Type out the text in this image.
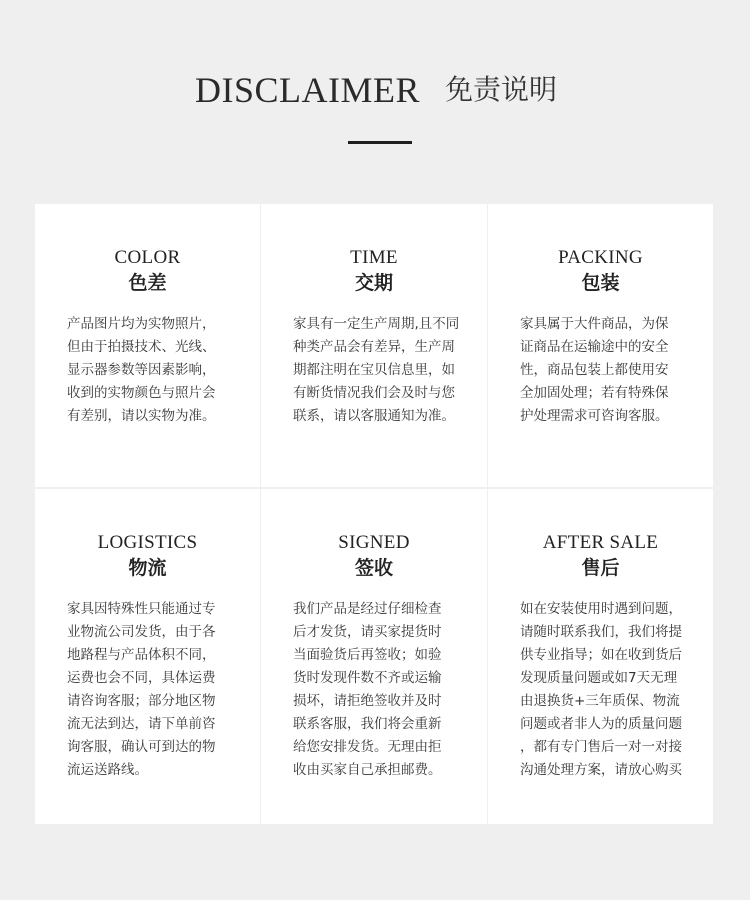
DISCLAIMER 免责说明
COLOR
色差
产品图片均为实物照片，
但由于拍摄技术、光线、
显示器参数等因素影响，
收到的实物颜色与照片会
有差别，请以实物为准。
TIME
交期
家具有一定生产周期,且不同
种类产品会有差异，生产周
期都注明在宝贝信息里，如
有断货情况我们会及时与您
联系，请以客服通知为准。
PACKING
包装
家具属于大件商品，为保
证商品在运输途中的安全
性，商品包装上都使用安
全加固处理；若有特殊保
护处理需求可咨询客服。
LOGISTICS
物流
家具因特殊性只能通过专
业物流公司发货，由于各
地路程与产品体积不同，
运费也会不同，具体运费
请咨询客服；部分地区物
流无法到达，请下单前咨
询客服，确认可到达的物
流运送路线。
SIGNED
签收
我们产品是经过仔细检查
后才发货，请买家提货时
当面验货后再签收；如验
货时发现件数不齐或运输
损坏，请拒绝签收并及时
联系客服，我们将会重新
给您安排发货。无理由拒
收由买家自己承担邮费。
AFTER SALE
售后
如在安装使用时遇到问题，
请随时联系我们，我们将提
供专业指导；如在收到货后
发现质量问题或如7天无理
由退换货+三年质保、物流
问题或者非人为的质量问题
，都有专门售后一对一对接
沟通处理方案，请放心购买
